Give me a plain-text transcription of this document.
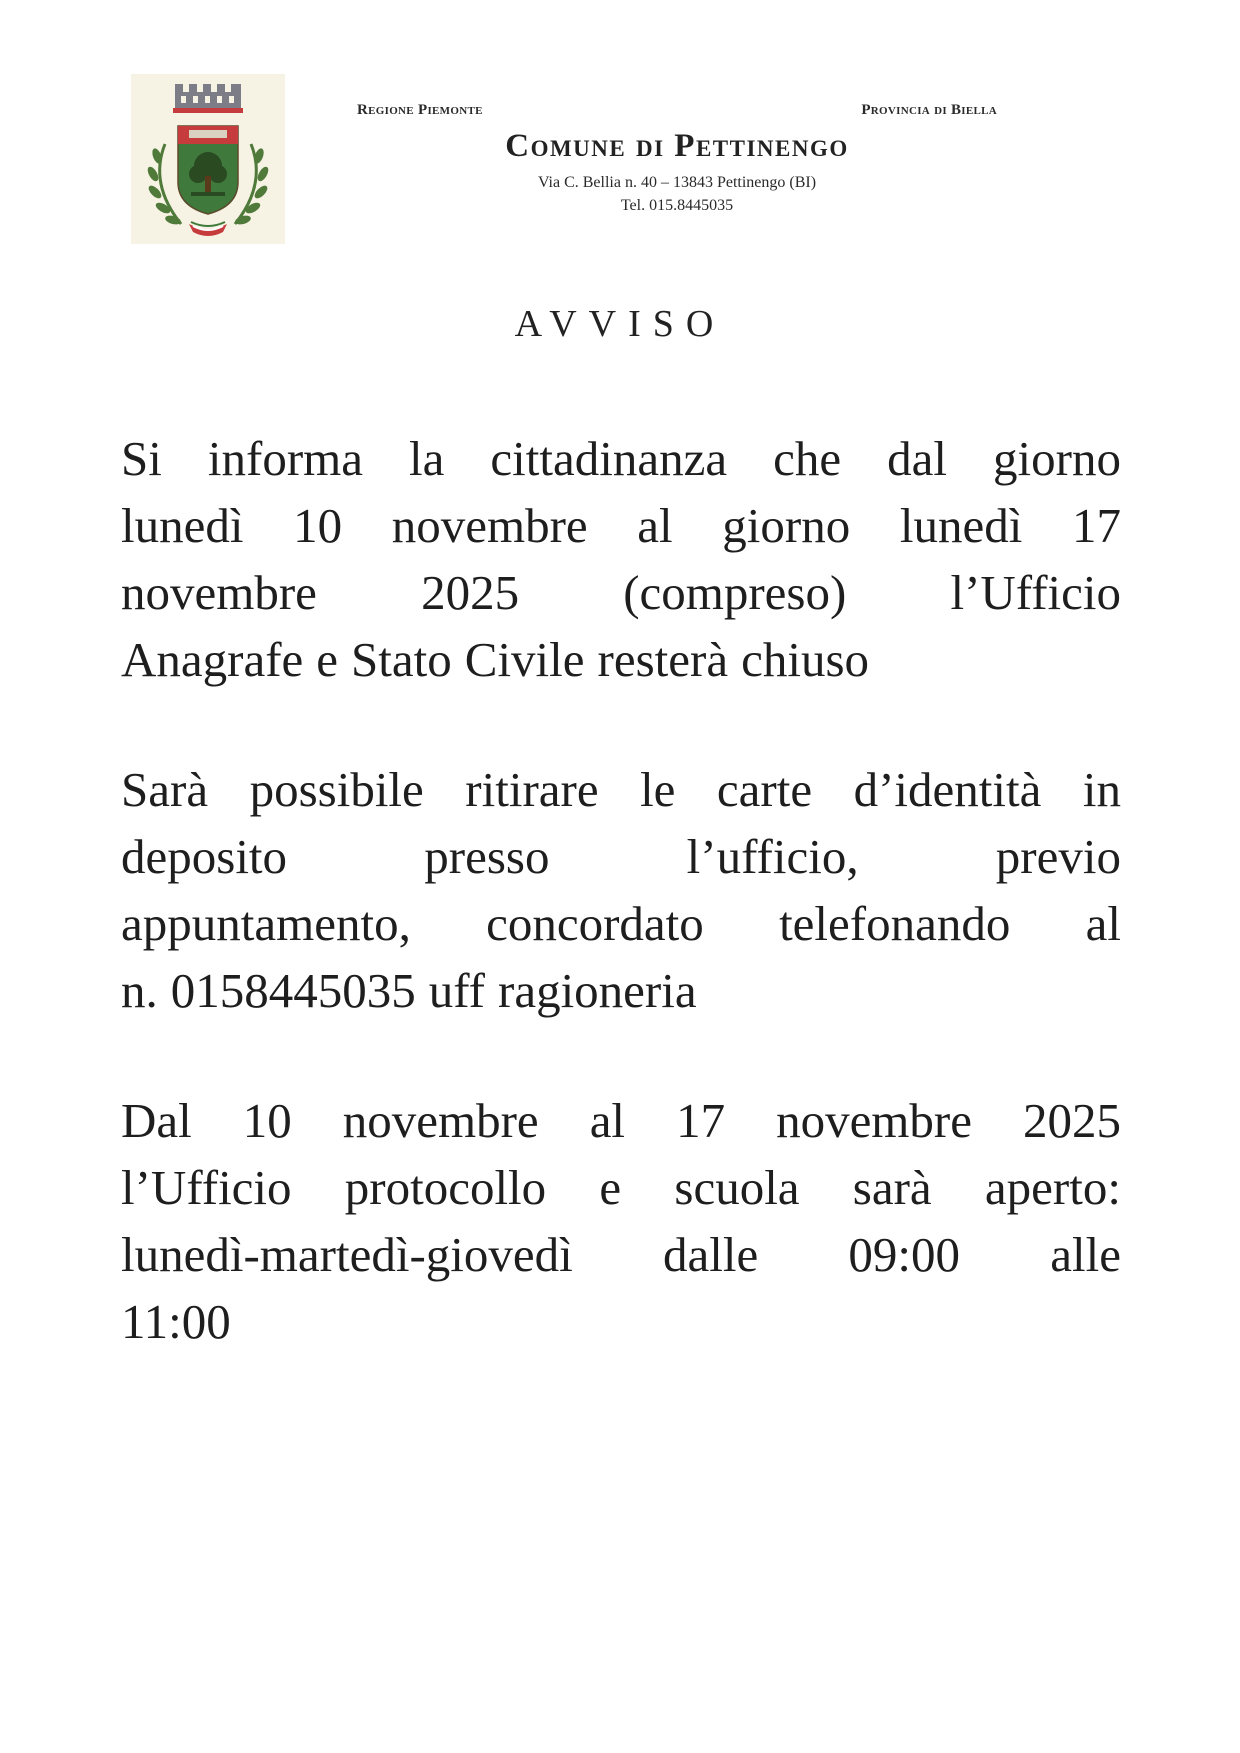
Regione Piemonte	Provincia di Biella
Comune di Pettinengo
Via C. Bellia n. 40 – 13843 Pettinengo (BI)
Tel. 015.8445035
AVVISO
Si informa la cittadinanza che dal giorno
lunedì 10 novembre al giorno lunedì 17
novembre 2025 (compreso) l’Ufficio
Anagrafe e Stato Civile resterà chiuso
Sarà possibile ritirare le carte d’identità in
deposito	presso	l’ufficio,	previo
appuntamento, concordato telefonando al
n. 0158445035 uff ragioneria
Dal 10 novembre al 17 novembre 2025
l’Ufficio protocollo e scuola sarà aperto:
lunedì-martedì-giovedì dalle 09:00 alle
11:00
